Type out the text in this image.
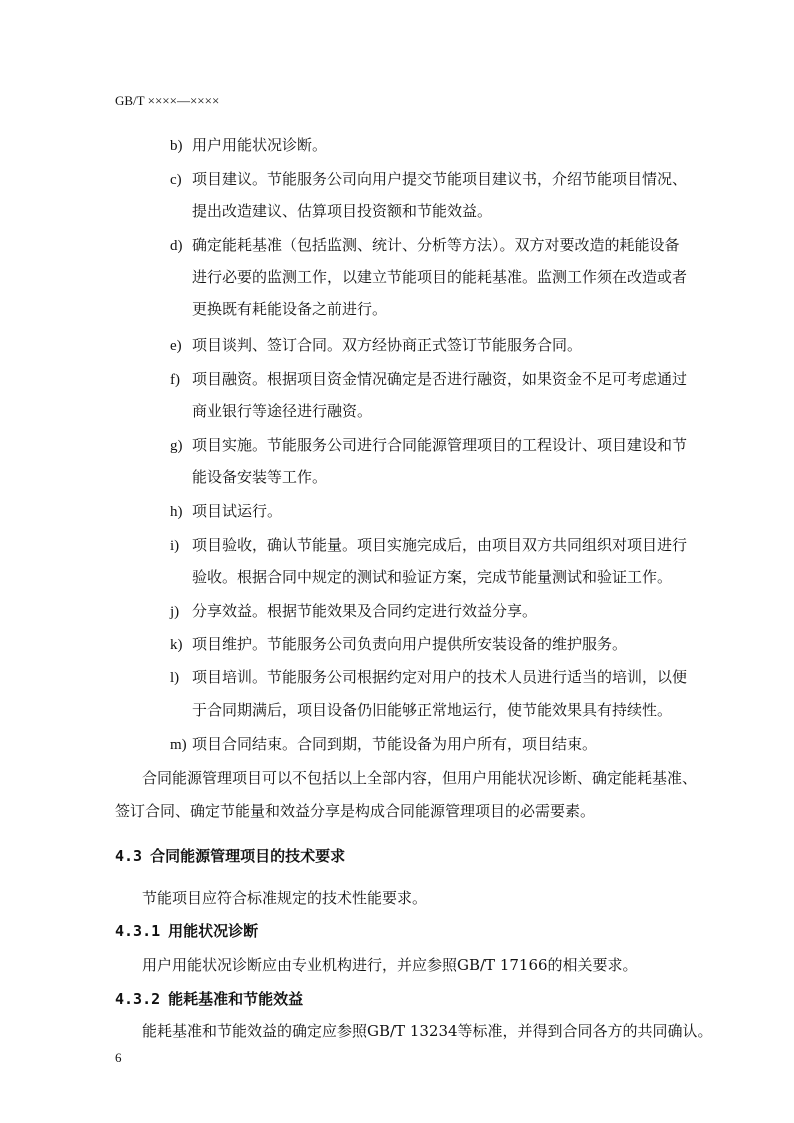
GB/T ××××—××××
b) 用户用能状况诊断。
c) 项目建议。节能服务公司向用户提交节能项目建议书，介绍节能项目情况、
提出改造建议、估算项目投资额和节能效益。
d) 确定能耗基准（包括监测、统计、分析等方法）。双方对要改造的耗能设备
进行必要的监测工作，以建立节能项目的能耗基准。监测工作须在改造或者
更换既有耗能设备之前进行。
e) 项目谈判、签订合同。双方经协商正式签订节能服务合同。
f) 项目融资。根据项目资金情况确定是否进行融资，如果资金不足可考虑通过
商业银行等途径进行融资。
g) 项目实施。节能服务公司进行合同能源管理项目的工程设计、项目建设和节
能设备安装等工作。
h) 项目试运行。
i) 项目验收，确认节能量。项目实施完成后，由项目双方共同组织对项目进行
验收。根据合同中规定的测试和验证方案，完成节能量测试和验证工作。
j) 分享效益。根据节能效果及合同约定进行效益分享。
k) 项目维护。节能服务公司负责向用户提供所安装设备的维护服务。
l) 项目培训。节能服务公司根据约定对用户的技术人员进行适当的培训，以便
于合同期满后，项目设备仍旧能够正常地运行，使节能效果具有持续性。
m) 项目合同结束。合同到期，节能设备为用户所有，项目结束。
合同能源管理项目可以不包括以上全部内容，但用户用能状况诊断、确定能耗基准、
签订合同、确定节能量和效益分享是构成合同能源管理项目的必需要素。
4.3 合同能源管理项目的技术要求
节能项目应符合标准规定的技术性能要求。
4.3.1 用能状况诊断
用户用能状况诊断应由专业机构进行，并应参照GB/T 17166的相关要求。
4.3.2 能耗基准和节能效益
能耗基准和节能效益的确定应参照GB/T 13234等标准，并得到合同各方的共同确认。
6
